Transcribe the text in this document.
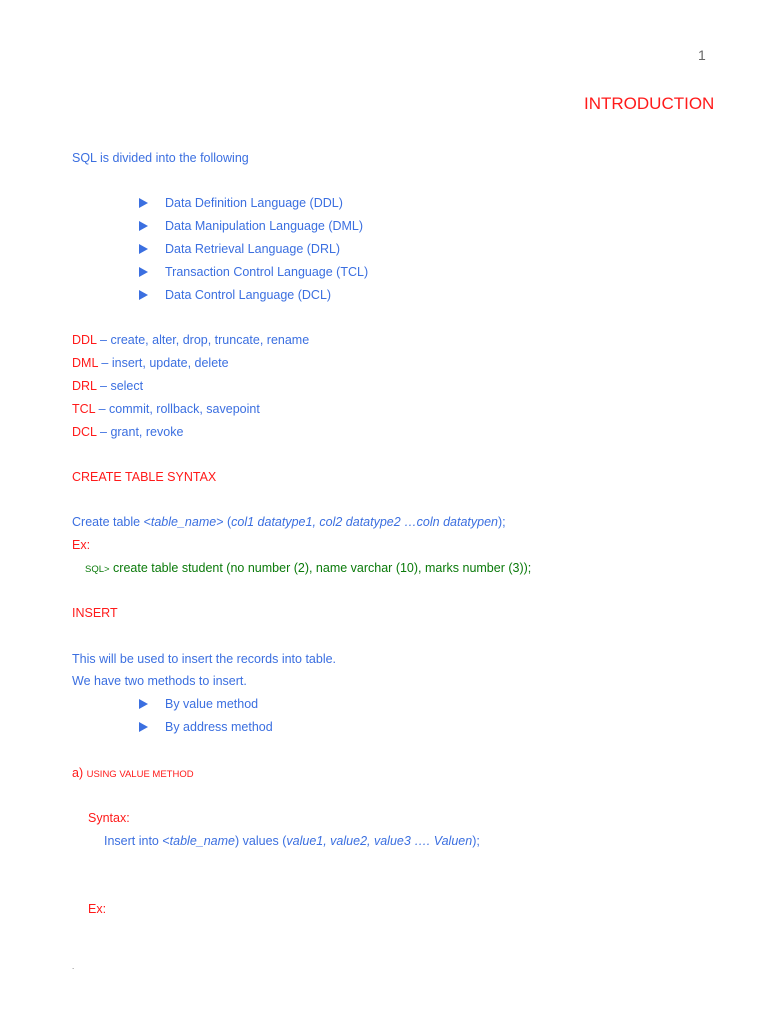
1
INTRODUCTION
SQL is divided into the following
Data Definition Language (DDL)
Data Manipulation Language (DML)
Data Retrieval Language (DRL)
Transaction Control Language (TCL)
Data Control Language (DCL)
DDL – create, alter, drop, truncate, rename
DML – insert, update, delete
DRL – select
TCL – commit, rollback, savepoint
DCL – grant, revoke
CREATE TABLE SYNTAX
Create table <table_name> (col1 datatype1, col2 datatype2 …coln datatypen);
Ex:
SQL> create table student (no number (2), name varchar (10), marks number (3));
INSERT
This will be used to insert the records into table.
We have two methods to insert.
By value method
By address method
a) USING VALUE METHOD
Syntax:
Insert into <table_name) values (value1, value2, value3 …. Valuen);
Ex:
.
